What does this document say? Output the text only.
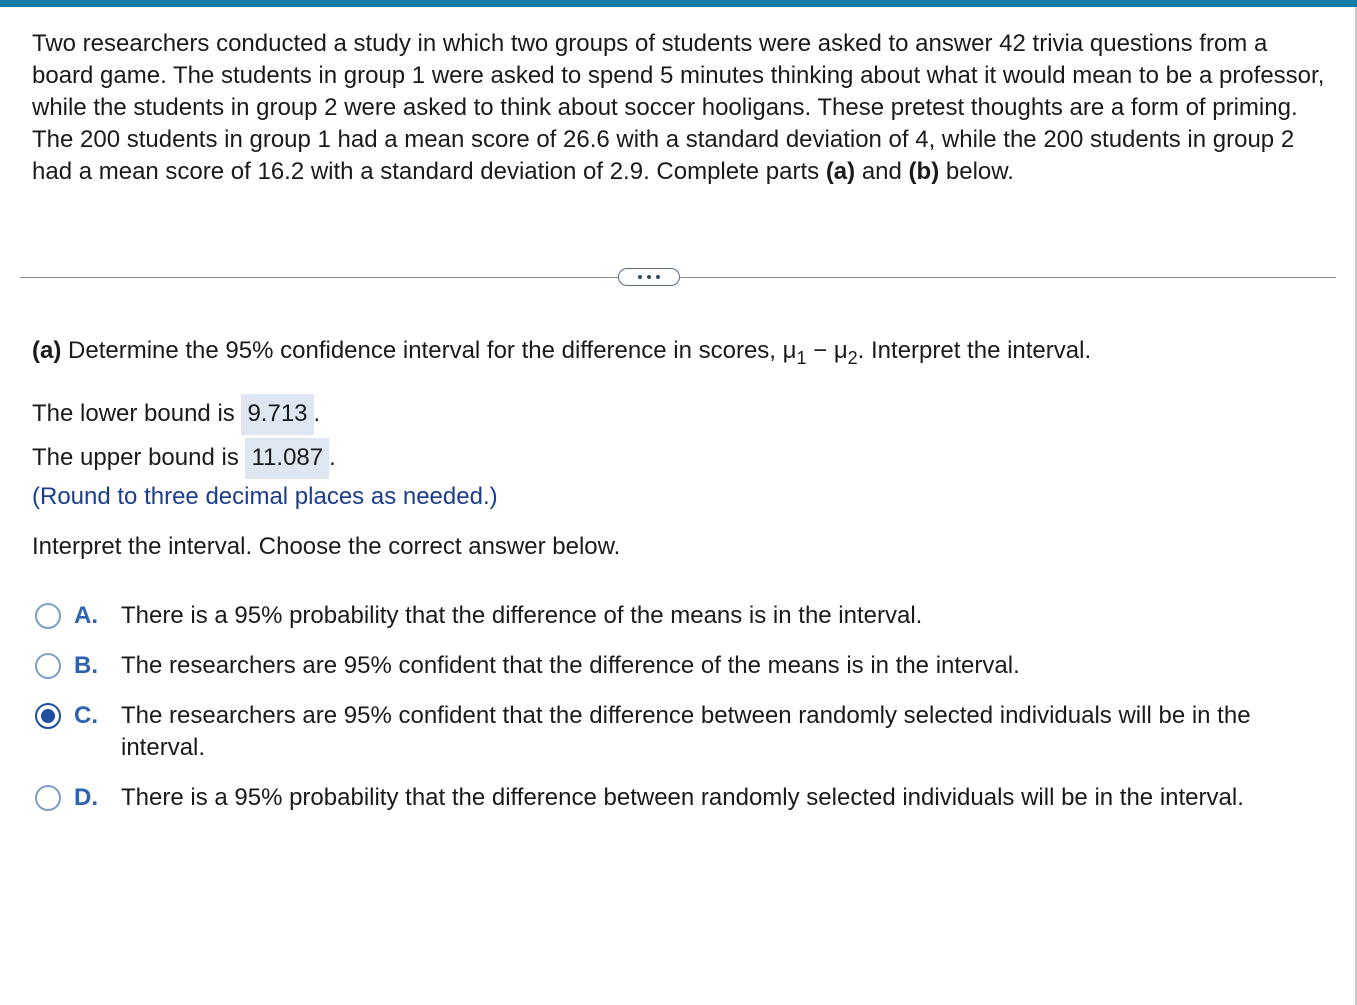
Two researchers conducted a study in which two groups of students were asked to answer 42 trivia questions from a board game. The students in group 1 were asked to spend 5 minutes thinking about what it would mean to be a professor, while the students in group 2 were asked to think about soccer hooligans. These pretest thoughts are a form of priming. The 200 students in group 1 had a mean score of 26.6 with a standard deviation of 4, while the 200 students in group 2 had a mean score of 16.2 with a standard deviation of 2.9. Complete parts (a) and (b) below.

(a) Determine the 95% confidence interval for the difference in scores, $\mu_1 - \mu_2$. Interpret the interval.

The lower bound is 9.713 .
The upper bound is 11.087 .
(Round to three decimal places as needed.)
Interpret the interval. Choose the correct answer below.
A. There is a 95% probability that the difference of the means is in the interval.
B. The researchers are 95% confident that the difference of the means is in the interval.
C. The researchers are 95% confident that the difference between randomly selected individuals will be in the interval.
D. There is a 95% probability that the difference between randomly selected individuals will be in the interval.
